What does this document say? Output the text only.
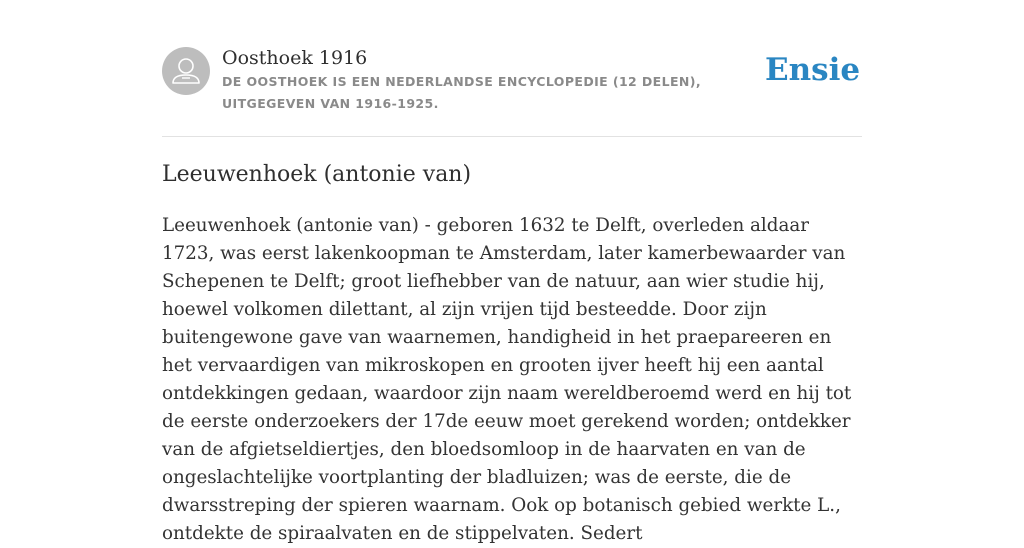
Oosthoek 1916
DE OOSTHOEK IS EEN NEDERLANDSE ENCYCLOPEDIE (12 DELEN), UITGEGEVEN VAN 1916-1925.
Ensie
Leeuwenhoek (antonie van)

Leeuwenhoek (antonie van) - geboren 1632 te Delft, overleden aldaar 1723, was eerst lakenkoopman te Amsterdam, later kamerbewaarder van Schepenen te Delft; groot liefhebber van de natuur, aan wier studie hij, hoewel volkomen dilettant, al zijn vrijen tijd besteedde. Door zijn buitengewone gave van waarnemen, handigheid in het praepareeren en het vervaardigen van mikroskopen en grooten ijver heeft hij een aantal ontdekkingen gedaan, waardoor zijn naam wereldberoemd werd en hij tot de eerste onderzoekers der 17de eeuw moet gerekend worden; ontdekker van de afgietseldiertjes, den bloedsomloop in de haarvaten en van de ongeslachtelijke voortplanting der bladluizen; was de eerste, die de dwarsstreping der spieren waarnam. Ook op botanisch gebied werkte L., ontdekte de spiraalvaten en de stippelvaten. Sedert
